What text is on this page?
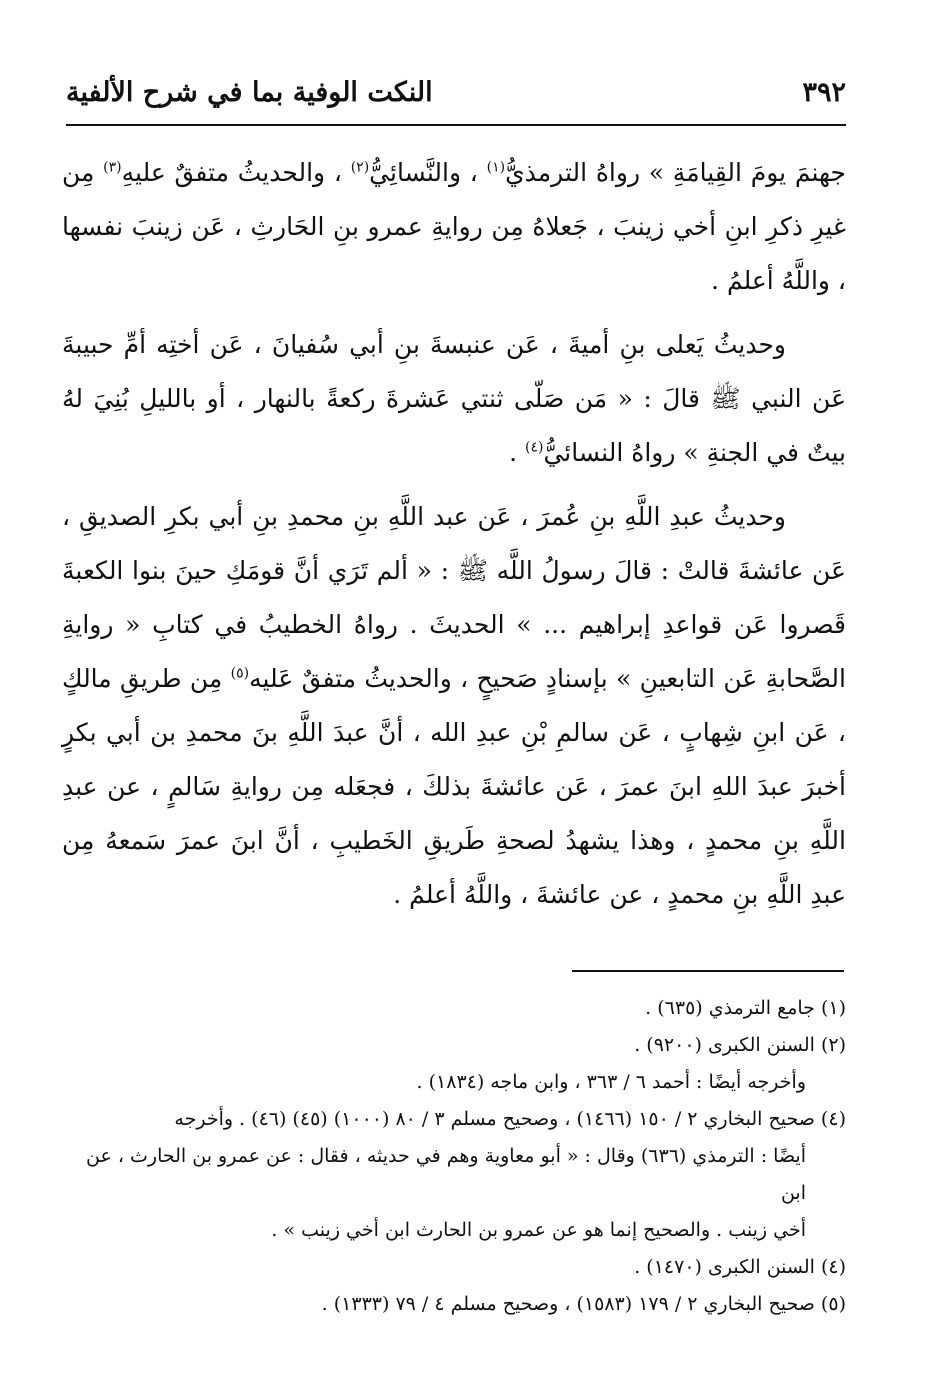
٣٩٢
النكت الوفية بما في شرح الألفية

جهنمَ يومَ القِيامَةِ » رواهُ الترمذيُّ$^{(١)}$ ، والنَّسائِيُّ$^{(٢)}$ ، والحديثُ متفقٌ عليهِ$^{(٣)}$ مِن غيرِ ذكرِ ابنِ أخي زينبَ ، جَعلاهُ مِن روايةِ عمرو بنِ الحَارثِ ، عَن زينبَ نفسها ، واللَّهُ أعلمُ .

وحديثُ يَعلى بنِ أميةَ ، عَن عنبسةَ بنِ أبي سُفيانَ ، عَن أختِه أمِّ حبيبةَ عَن النبي ﷺ قالَ : « مَن صَلّى ثنتي عَشرةَ ركعةً بالنهار ، أو بالليلِ بُنِيَ لهُ بيتٌ في الجنةِ » رواهُ النسائيُّ$^{(٤)}$ .

وحديثُ عبدِ اللَّهِ بنِ عُمرَ ، عَن عبد اللَّهِ بنِ محمدِ بنِ أبي بكرِ الصديقِ ، عَن عائشةَ قالتْ : قالَ رسولُ اللَّه ﷺ : « ألم تَرَي أنَّ قومَكِ حينَ بنوا الكعبةَ قَصروا عَن قواعدِ إبراهيم ... » الحديثَ . رواهُ الخطيبُ في كتابِ « روايةِ الصَّحابةِ عَن التابعينِ » بإسنادٍ صَحيحٍ ، والحديثُ متفقٌ عَليه$^{(٥)}$ مِن طريقِ مالكٍ ، عَن ابنِ شِهابٍ ، عَن سالمِ بْنِ عبدِ الله ، أنَّ عبدَ اللَّهِ بنَ محمدِ بن أبي بكرٍ أخبرَ عبدَ اللهِ ابنَ عمرَ ، عَن عائشةَ بذلكَ ، فجعَله مِن روايةِ سَالمٍ ، عن عبدِ اللَّهِ بنِ محمدٍ ، وهذا يشهدُ لصحةِ طَريقِ الخَطيبِ ، أنَّ ابنَ عمرَ سَمعهُ مِن عبدِ اللَّهِ بنِ محمدٍ ، عن عائشةَ ، واللَّهُ أعلمُ .

(١) جامع الترمذي (٦٣٥) .

(٢) السنن الكبرى (٩٢٠٠) .

وأخرجه أيضًا : أحمد ٦ / ٣٦٣ ، وابن ماجه (١٨٣٤) .

(٤) صحيح البخاري ٢ / ١٥٠ (١٤٦٦) ، وصحيح مسلم ٣ / ٨٠ (١٠٠٠) (٤٥) (٤٦) . وأخرجه

أيضًا : الترمذي (٦٣٦) وقال : « أبو معاوية وهم في حديثه ، فقال : عن عمرو بن الحارث ، عن ابن

أخي زينب . والصحيح إنما هو عن عمرو بن الحارث ابن أخي زينب » .

(٤) السنن الكبرى (١٤٧٠) .

(٥) صحيح البخاري ٢ / ١٧٩ (١٥٨٣) ، وصحيح مسلم ٤ / ٧٩ (١٣٣٣) .
